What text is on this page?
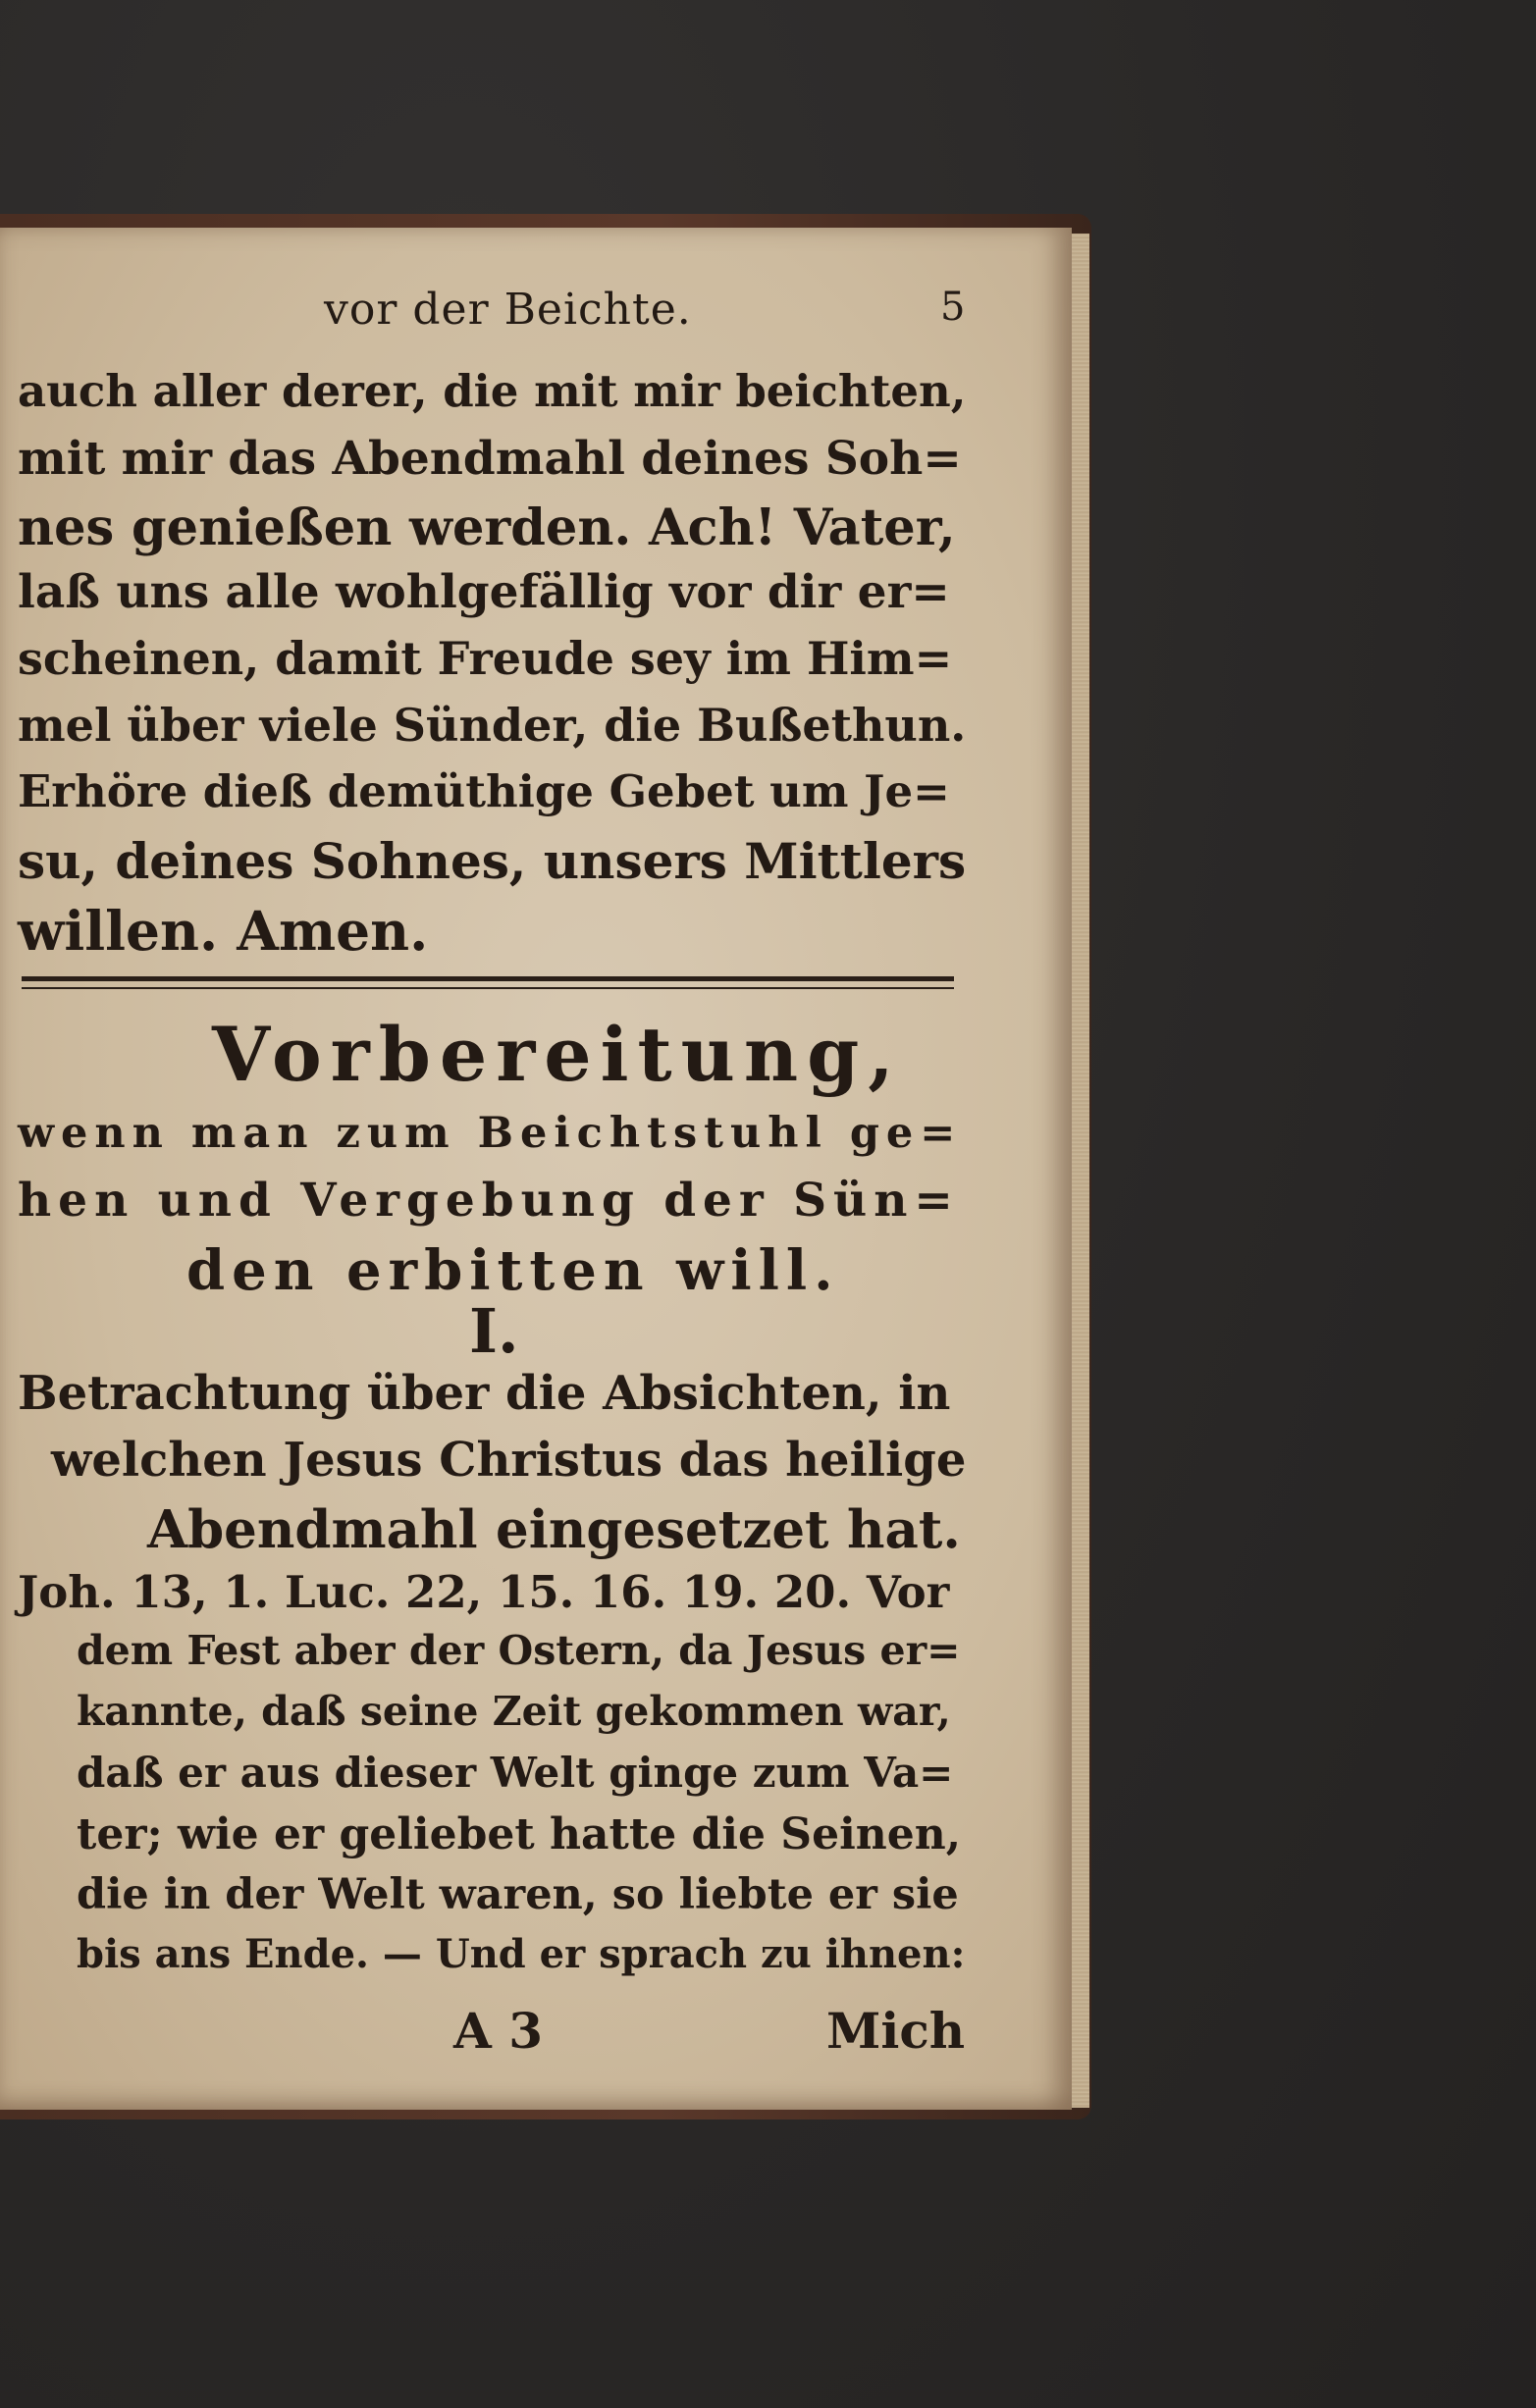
vor der Beichte.	5
auch aller derer, die mit mir beichten,
mit mir das Abendmahl deines Soh=
nes genießen werden. Ach! Vater,
laß uns alle wohlgefällig vor dir er=
scheinen, damit Freude sey im Him=
mel über viele Sünder, die Bußethun.
Erhöre dieß demüthige Gebet um Je=
su, deines Sohnes, unsers Mittlers
willen. Amen.
Vorbereitung,
wenn man zum Beichtstuhl ge=
hen und Vergebung der Sün=
den erbitten will.
I.
Betrachtung über die Absichten, in
welchen Jesus Christus das heilige
Abendmahl eingesetzet hat.
Joh. 13, 1. Luc. 22, 15. 16. 19. 20. Vor
dem Fest aber der Ostern, da Jesus er=
kannte, daß seine Zeit gekommen war,
daß er aus dieser Welt ginge zum Va=
ter; wie er geliebet hatte die Seinen,
die in der Welt waren, so liebte er sie
bis ans Ende. — Und er sprach zu ihnen:
A 3	Mich
